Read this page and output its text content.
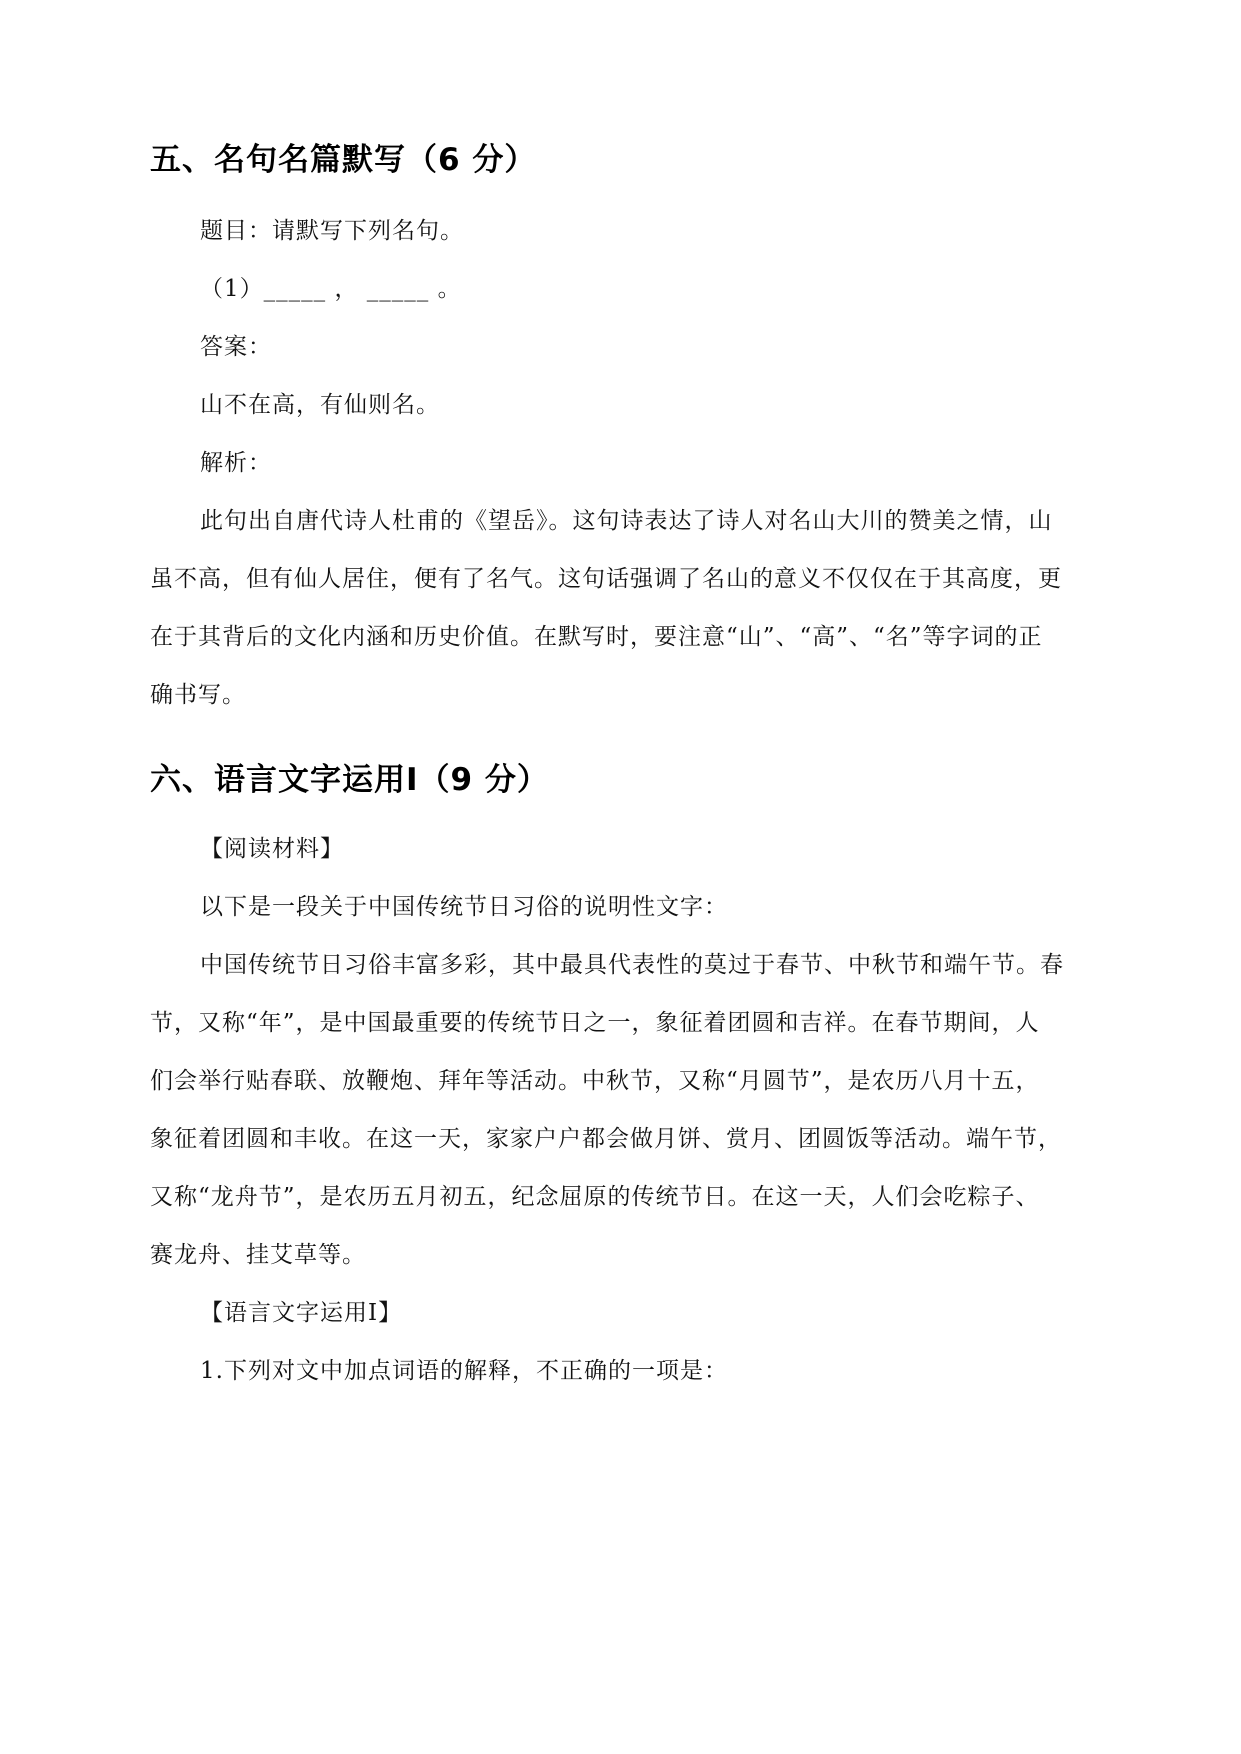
五、名句名篇默写（6 分）
题目：请默写下列名句。
（1）_____ ， _____ 。
答案：
山不在高，有仙则名。
解析：
此句出自唐代诗人杜甫的《望岳》。这句诗表达了诗人对名山大川的赞美之情，山
虽不高，但有仙人居住，便有了名气。这句话强调了名山的意义不仅仅在于其高度，更
在于其背后的文化内涵和历史价值。在默写时，要注意“山”、“高”、“名”等字词的正
确书写。
六、语言文字运用Ⅰ（9 分）
【阅读材料】
以下是一段关于中国传统节日习俗的说明性文字：
中国传统节日习俗丰富多彩，其中最具代表性的莫过于春节、中秋节和端午节。春
节，又称“年”，是中国最重要的传统节日之一，象征着团圆和吉祥。在春节期间，人
们会举行贴春联、放鞭炮、拜年等活动。中秋节，又称“月圆节”，是农历八月十五，
象征着团圆和丰收。在这一天，家家户户都会做月饼、赏月、团圆饭等活动。端午节，
又称“龙舟节”，是农历五月初五，纪念屈原的传统节日。在这一天，人们会吃粽子、
赛龙舟、挂艾草等。
【语言文字运用Ⅰ】
1.下列对文中加点词语的解释，不正确的一项是：
